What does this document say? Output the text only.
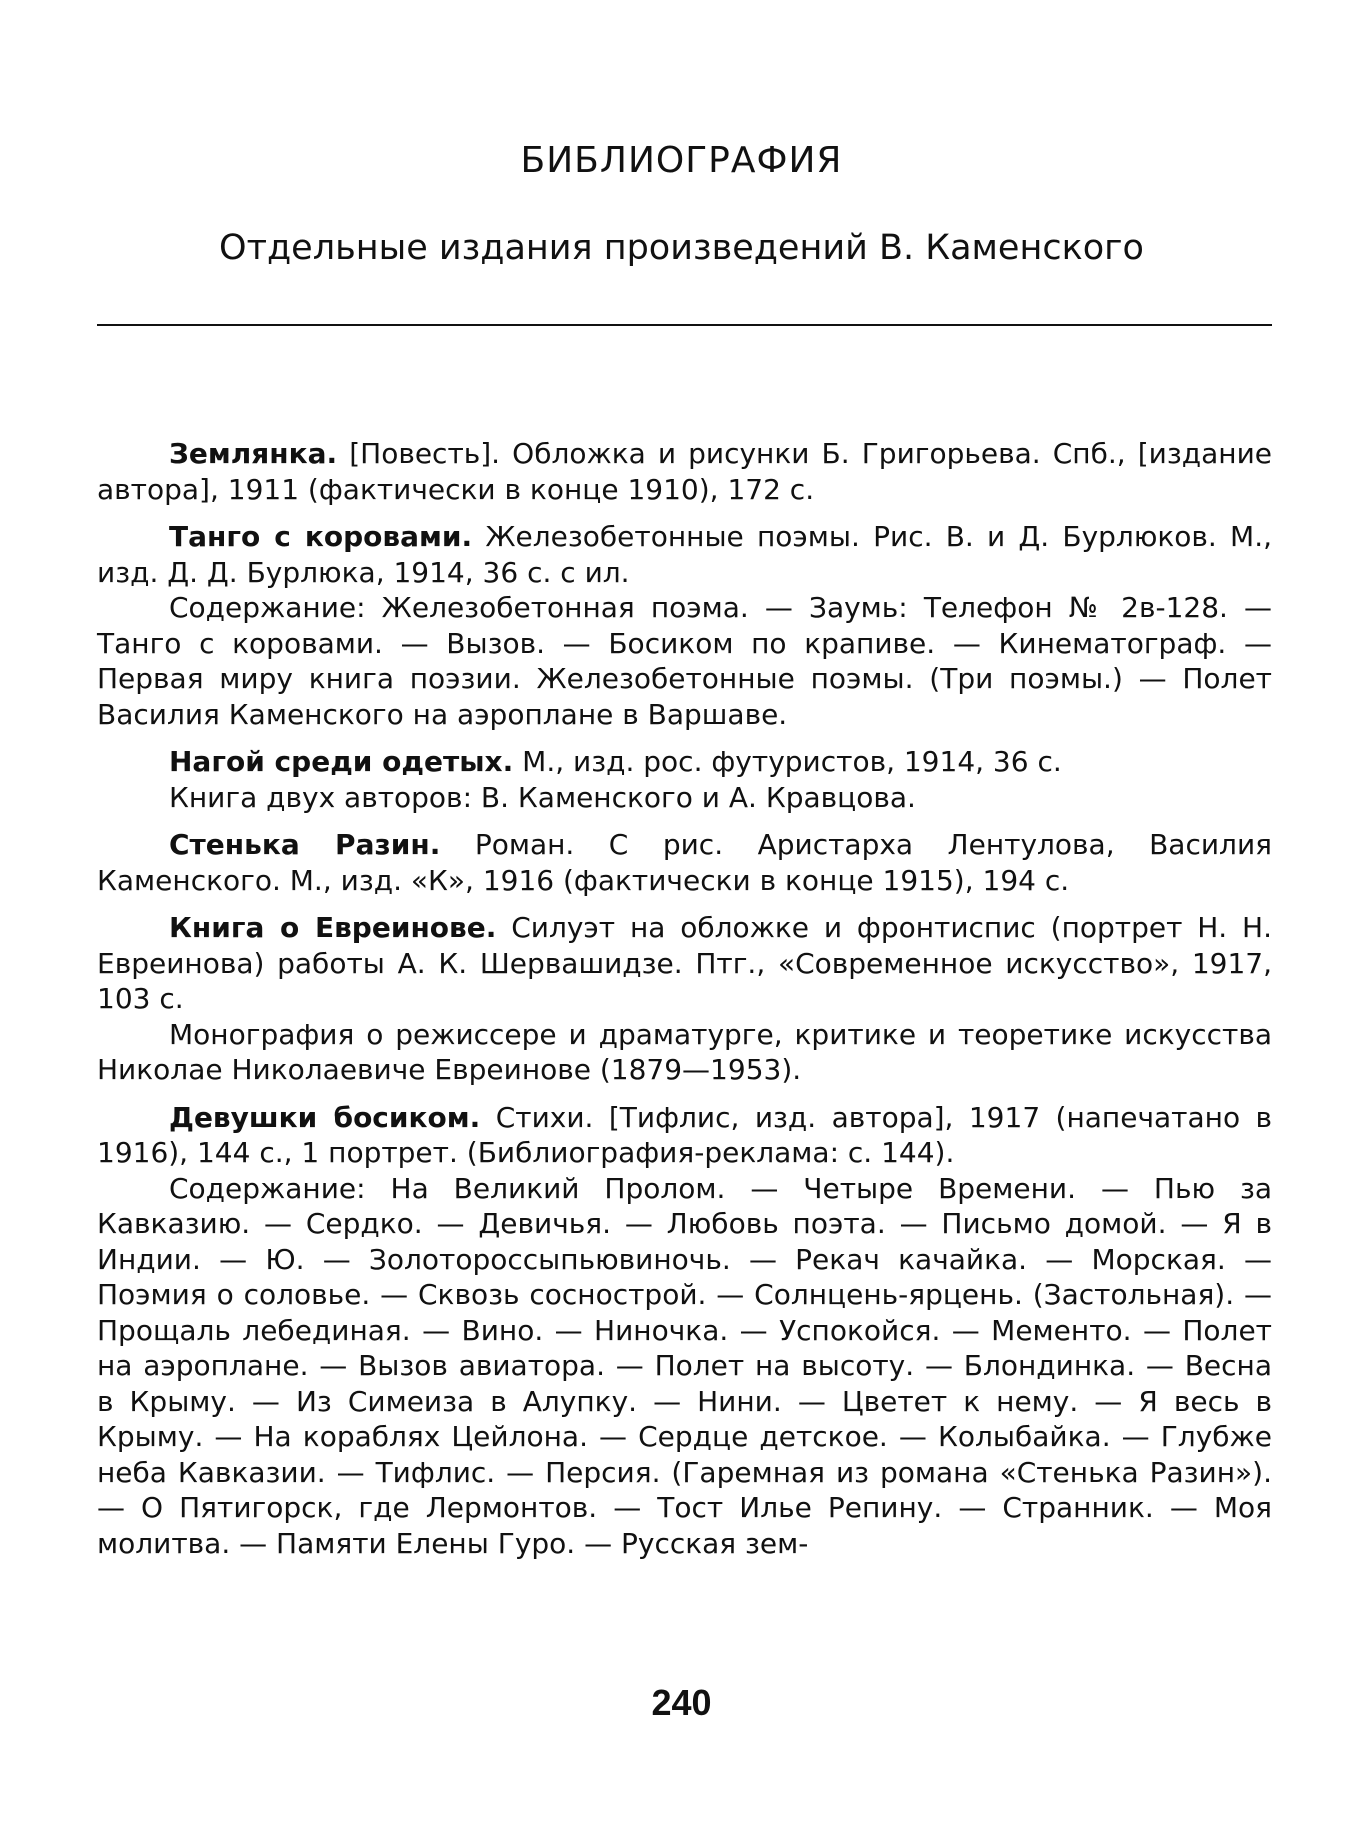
БИБЛИОГРАФИЯ
Отдельные издания произведений В. Каменского

Землянка. [Повесть]. Обложка и рисунки Б. Григорьева. Спб., [издание автора], 1911 (фактически в конце 1910), 172 с.

Танго с коровами. Железобетонные поэмы. Рис. В. и Д. Бурлюков. М., изд. Д. Д. Бурлюка, 1914, 36 с. с ил.

Содержание: Железобетонная поэма. — Заумь: Телефон № 2в-128. — Танго с коровами. — Вызов. — Босиком по крапиве. — Кинематограф. — Первая миру книга поэзии. Железобетонные поэмы. (Три поэмы.) — Полет Василия Каменского на аэроплане в Варшаве.

Нагой среди одетых. М., изд. рос. футуристов, 1914, 36 с.

Книга двух авторов: В. Каменского и А. Кравцова.

Стенька Разин. Роман. С рис. Аристарха Лентулова, Василия Каменского. М., изд. «К», 1916 (фактически в конце 1915), 194 с.

Книга о Евреинове. Силуэт на обложке и фронтиспис (портрет Н. Н. Евреинова) работы А. К. Шервашидзе. Птг., «Современное искусство», 1917, 103 с.

Монография о режиссере и драматурге, критике и теоретике искусства Николае Николаевиче Евреинове (1879—1953).

Девушки босиком. Стихи. [Тифлис, изд. автора], 1917 (напечатано в 1916), 144 с., 1 портрет. (Библиография-реклама: с. 144).

Содержание: На Великий Пролом. — Четыре Времени. — Пью за Кавказию. — Сердко. — Девичья. — Любовь поэта. — Письмо домой. — Я в Индии. — Ю. — Золотороссыпьювиночь. — Рекач качайка. — Морская. — Поэмия о соловье. — Сквозь соснострой. — Солнцень-ярцень. (Застольная). — Прощаль лебединая. — Вино. — Ниночка. — Успокойся. — Мементо. — Полет на аэроплане. — Вызов авиатора. — Полет на высоту. — Блондинка. — Весна в Крыму. — Из Симеиза в Алупку. — Нини. — Цветет к нему. — Я весь в Крыму. — На кораблях Цейлона. — Сердце детское. — Колыбайка. — Глубже неба Кавказии. — Тифлис. — Персия. (Гаремная из романа «Стенька Разин»). — О Пятигорск, где Лермонтов. — Тост Илье Репину. — Странник. — Моя молитва. — Памяти Елены Гуро. — Русская зем-

240
